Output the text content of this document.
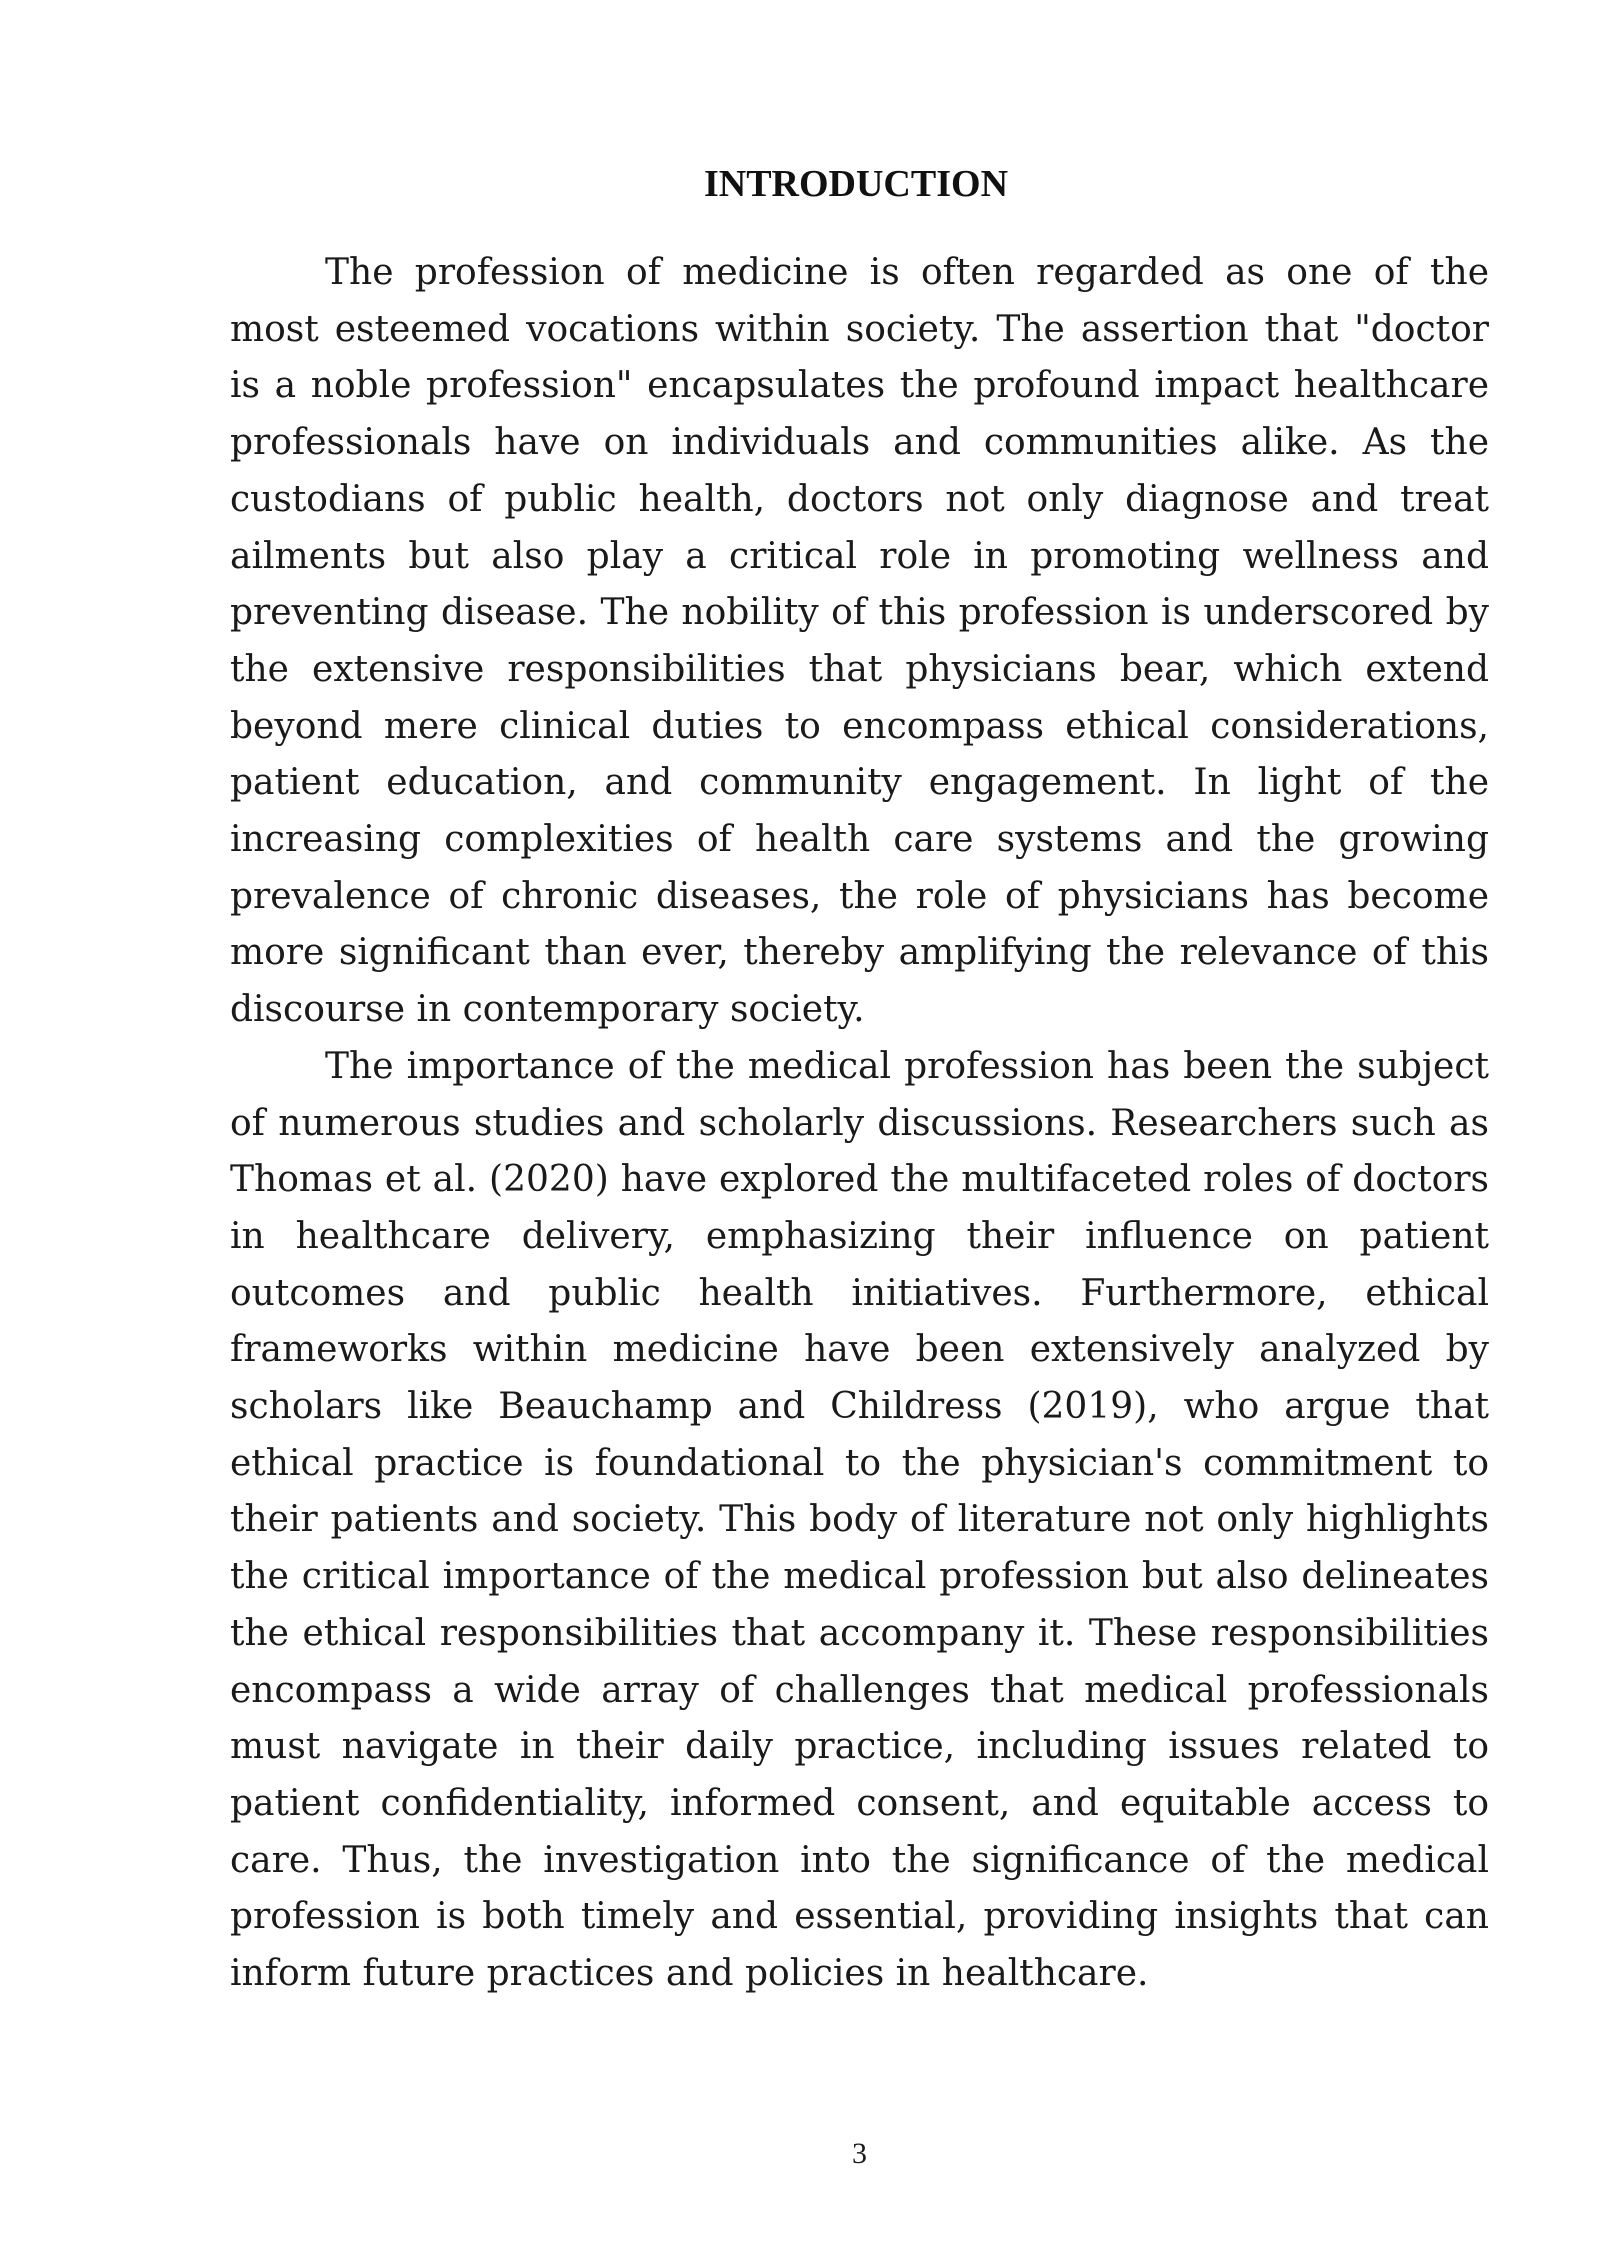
INTRODUCTION

The profession of medicine is often regarded as one of the most esteemed vocations within society. The assertion that "doctor is a noble profession" encapsulates the profound impact healthcare professionals have on individuals and communities alike. As the custodians of public health, doctors not only diagnose and treat ailments but also play a critical role in promoting wellness and preventing disease. The nobility of this profession is underscored by the extensive responsibilities that physicians bear, which extend beyond mere clinical duties to encompass ethical considerations, patient education, and community engagement. In light of the increasing complexities of health care systems and the growing prevalence of chronic diseases, the role of physicians has become more significant than ever, thereby amplifying the relevance of this discourse in contemporary society.

The importance of the medical profession has been the subject of numerous studies and scholarly discussions. Researchers such as Thomas et al. (2020) have explored the multifaceted roles of doctors in healthcare delivery, emphasizing their influence on patient outcomes and public health initiatives. Furthermore, ethical frameworks within medicine have been extensively analyzed by scholars like Beauchamp and Childress (2019), who argue that ethical practice is foundational to the physician's commitment to their patients and society. This body of literature not only highlights the critical importance of the medical profession but also delineates the ethical responsibilities that accompany it. These responsibilities encompass a wide array of challenges that medical professionals must navigate in their daily practice, including issues related to patient confidentiality, informed consent, and equitable access to care. Thus, the investigation into the significance of the medical profession is both timely and essential, providing insights that can inform future practices and policies in healthcare.

3
